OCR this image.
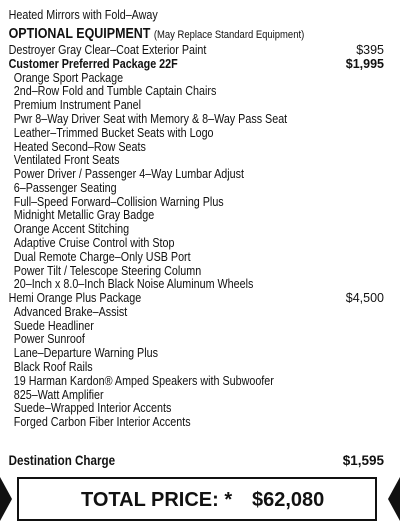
Heated Mirrors with Fold–Away
OPTIONAL EQUIPMENT (May Replace Standard Equipment)
Destroyer Gray Clear–Coat Exterior Paint
Customer Preferred Package 22F
Orange Sport Package
2nd–Row Fold and Tumble Captain Chairs
Premium Instrument Panel
Pwr 8–Way Driver Seat with Memory & 8–Way Pass Seat
Leather–Trimmed Bucket Seats with Logo
Heated Second–Row Seats
Ventilated Front Seats
Power Driver / Passenger 4–Way Lumbar Adjust
6–Passenger Seating
Full–Speed Forward–Collision Warning Plus
Midnight Metallic Gray Badge
Orange Accent Stitching
Adaptive Cruise Control with Stop
Dual Remote Charge–Only USB Port
Power Tilt / Telescope Steering Column
20–Inch x 8.0–Inch Black Noise Aluminum Wheels
Hemi Orange Plus Package
Advanced Brake–Assist
Suede Headliner
Power Sunroof
Lane–Departure Warning Plus
Black Roof Rails
19 Harman Kardon® Amped Speakers with Subwoofer
825–Watt Amplifier
Suede–Wrapped Interior Accents
Forged Carbon Fiber Interior Accents
Destination Charge
$395
$1,995
$4,500
$1,595
TOTAL PRICE: * $62,080
